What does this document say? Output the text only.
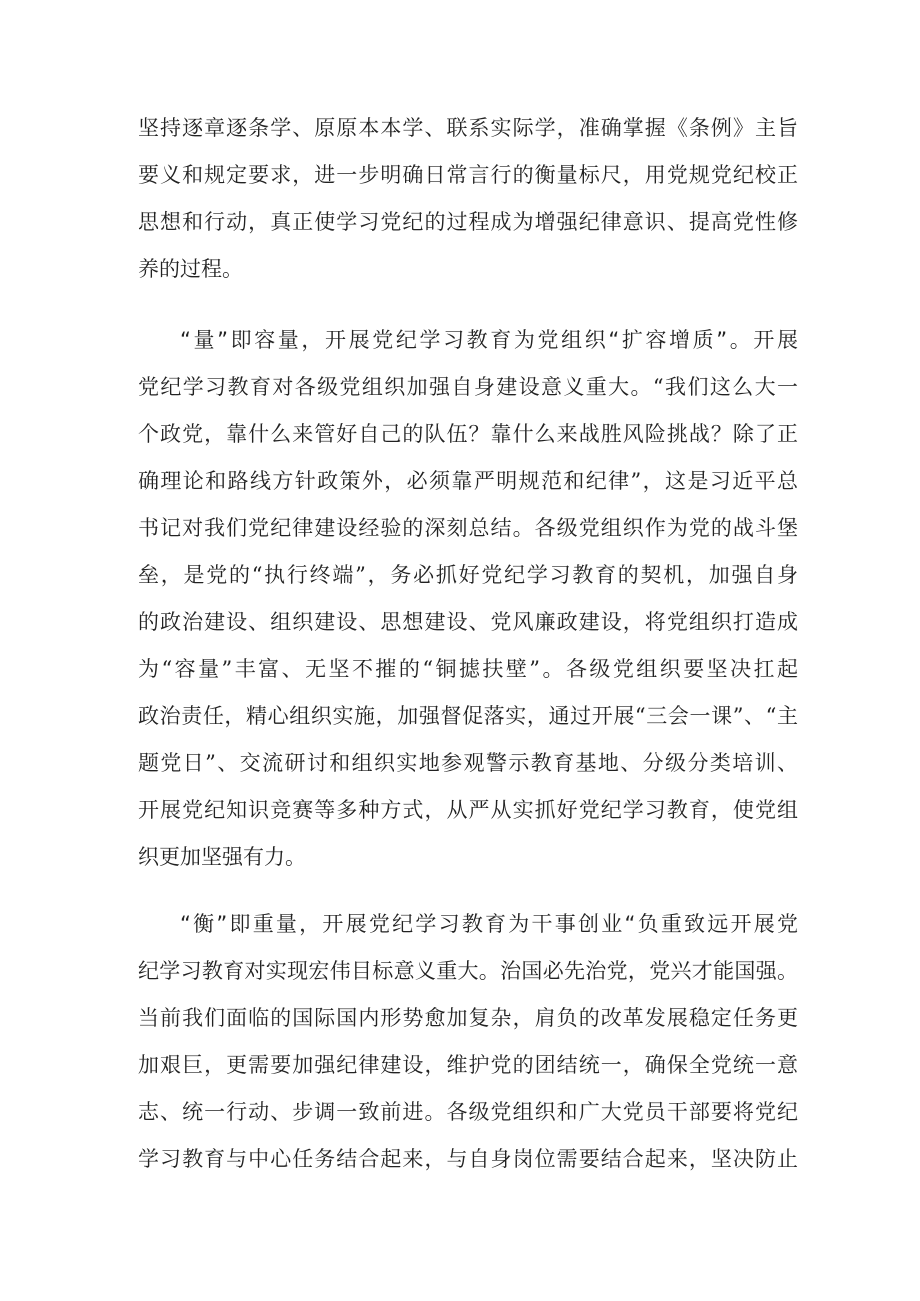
坚持逐章逐条学、原原本本学、联系实际学，准确掌握《条例》主旨
要义和规定要求，进一步明确日常言行的衡量标尺，用党规党纪校正
思想和行动，真正使学习党纪的过程成为增强纪律意识、提高党性修
养的过程。
“量”即容量，开展党纪学习教育为党组织“扩容增质”。开展
党纪学习教育对各级党组织加强自身建设意义重大。“我们这么大一
个政党，靠什么来管好自己的队伍？靠什么来战胜风险挑战？除了正
确理论和路线方针政策外，必须靠严明规范和纪律”，这是习近平总
书记对我们党纪律建设经验的深刻总结。各级党组织作为党的战斗堡
垒，是党的“执行终端”，务必抓好党纪学习教育的契机，加强自身
的政治建设、组织建设、思想建设、党风廉政建设，将党组织打造成
为“容量”丰富、无坚不摧的“铜摅扶壁”。各级党组织要坚决扛起
政治责任，精心组织实施，加强督促落实，通过开展“三会一课”、“主
题党日”、交流研讨和组织实地参观警示教育基地、分级分类培训、
开展党纪知识竞赛等多种方式，从严从实抓好党纪学习教育，使党组
织更加坚强有力。
“衡”即重量，开展党纪学习教育为干事创业“负重致远开展党
纪学习教育对实现宏伟目标意义重大。治国必先治党，党兴才能国强。
当前我们面临的国际国内形势愈加复杂，肩负的改革发展稳定任务更
加艰巨，更需要加强纪律建设，维护党的团结统一，确保全党统一意
志、统一行动、步调一致前进。各级党组织和广大党员干部要将党纪
学习教育与中心任务结合起来，与自身岗位需要结合起来，坚决防止
